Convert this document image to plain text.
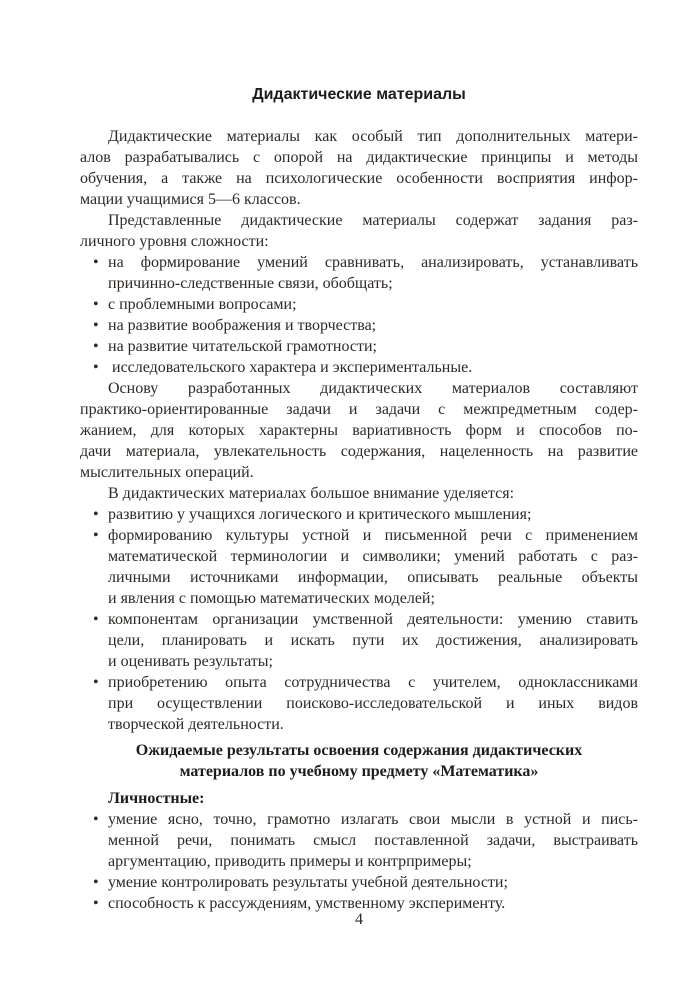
Дидактические материалы
Дидактические материалы как особый тип дополнительных матери-
алов разрабатывались с опорой на дидактические принципы и методы
обучения, а также на психологические особенности восприятия инфор-
мации учащимися 5—6 классов.
Представленные дидактические материалы содержат задания раз-
личного уровня сложности:
• на формирование умений сравнивать, анализировать, устанавливать
причинно-следственные связи, обобщать;
• с проблемными вопросами;
• на развитие воображения и творчества;
• на развитие читательской грамотности;
• исследовательского характера и экспериментальные.
Основу разработанных дидактических материалов составляют
практико-ориентированные задачи и задачи с межпредметным содер-
жанием, для которых характерны вариативность форм и способов по-
дачи материала, увлекательность содержания, нацеленность на развитие
мыслительных операций.
В дидактических материалах большое внимание уделяется:
• развитию у учащихся логического и критического мышления;
• формированию культуры устной и письменной речи с применением
математической терминологии и символики; умений работать с раз-
личными источниками информации, описывать реальные объекты
и явления с помощью математических моделей;
• компонентам организации умственной деятельности: умению ставить
цели, планировать и искать пути их достижения, анализировать
и оценивать результаты;
• приобретению опыта сотрудничества с учителем, одноклассниками
при осуществлении поисково-исследовательской и иных видов
творческой деятельности.
Ожидаемые результаты освоения содержания дидактических
материалов по учебному предмету «Математика»
Личностные:
• умение ясно, точно, грамотно излагать свои мысли в устной и пись-
менной речи, понимать смысл поставленной задачи, выстраивать
аргументацию, приводить примеры и контрпримеры;
• умение контролировать результаты учебной деятельности;
• способность к рассуждениям, умственному эксперименту.
4
